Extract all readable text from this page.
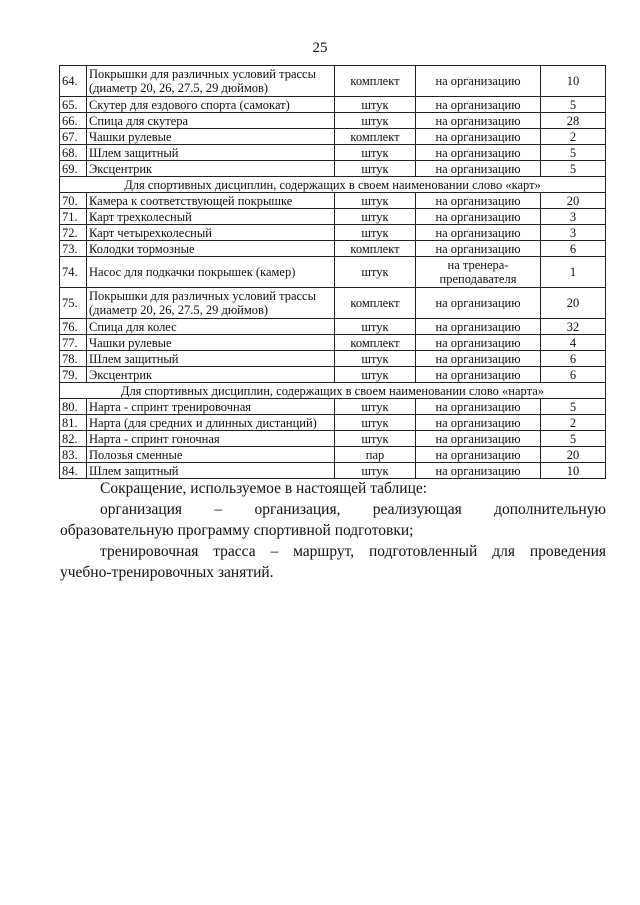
25
64.	Покрышки для различных условий трассы (диаметр 20, 26, 27.5, 29 дюймов)	комплект	на организацию	10
65.	Скутер для ездового спорта (самокат)	штук	на организацию	5
66.	Спица для скутера	штук	на организацию	28
67.	Чашки рулевые	комплект	на организацию	2
68.	Шлем защитный	штук	на организацию	5
69.	Эксцентрик	штук	на организацию	5
Для спортивных дисциплин, содержащих в своем наименовании слово «карт»				
70.	Камера к соответствующей покрышке	штук	на организацию	20
71.	Карт трехколесный	штук	на организацию	3
72.	Карт четырехколесный	штук	на организацию	3
73.	Колодки тормозные	комплект	на организацию	6
74.	Насос для подкачки покрышек (камер)	штук	на тренера-преподавателя	1
75.	Покрышки для различных условий трассы (диаметр 20, 26, 27.5, 29 дюймов)	комплект	на организацию	20
76.	Спица для колес	штук	на организацию	32
77.	Чашки рулевые	комплект	на организацию	4
78.	Шлем защитный	штук	на организацию	6
79.	Эксцентрик	штук	на организацию	6
Для спортивных дисциплин, содержащих в своем наименовании слово «нарта»				
80.	Нарта - спринт тренировочная	штук	на организацию	5
81.	Нарта (для средних и длинных дистанций)	штук	на организацию	2
82.	Нарта - спринт гоночная	штук	на организацию	5
83.	Полозья сменные	пар	на организацию	20
84.	Шлем защитный	штук	на организацию	10

Сокращение, используемое в настоящей таблице:

организация – организация, реализующая дополнительную образовательную программу спортивной подготовки;

тренировочная трасса – маршрут, подготовленный для проведения

учебно-тренировочных занятий.
